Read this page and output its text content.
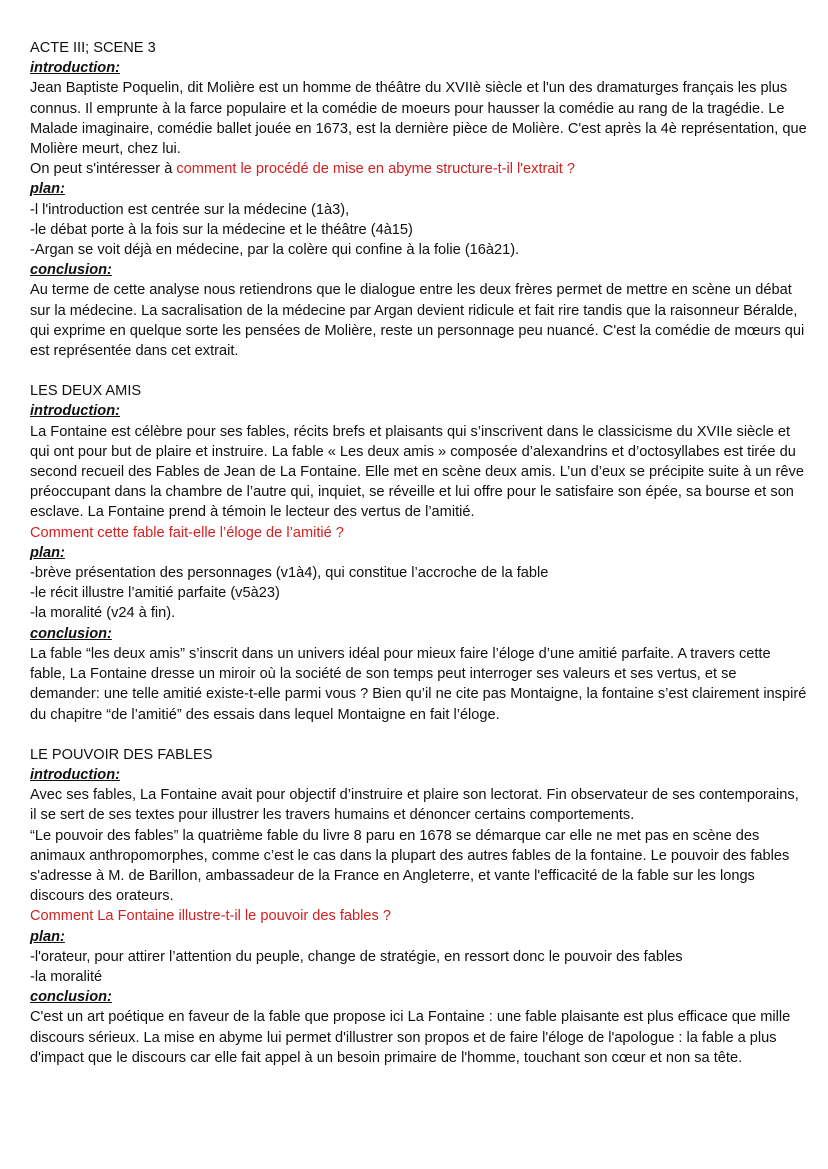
ACTE III; SCENE 3
introduction:

Jean Baptiste Poquelin, dit Molière est un homme de théâtre du XVIIè siècle et l'un des dramaturges français les plus connus. Il emprunte à la farce populaire et la comédie de moeurs pour hausser la comédie au rang de la tragédie. Le Malade imaginaire, comédie ballet jouée en 1673, est la dernière pièce de Molière. C'est après la 4è représentation, que Molière meurt, chez lui.

On peut s'intéresser à comment le procédé de mise en abyme structure-t-il l'extrait ?

plan:
-l l'introduction est centrée sur la médecine (1à3),
-le débat porte à la fois sur la médecine et le théâtre (4à15)
-Argan se voit déjà en médecine, par la colère qui confine à la folie (16à21).
conclusion:

Au terme de cette analyse nous retiendrons que le dialogue entre les deux frères permet de mettre en scène un débat sur la médecine. La sacralisation de la médecine par Argan devient ridicule et fait rire tandis que la raisonneur Béralde, qui exprime en quelque sorte les pensées de Molière, reste un personnage peu nuancé. C'est la comédie de mœurs qui est représentée dans cet extrait.

LES DEUX AMIS
introduction:

La Fontaine est célèbre pour ses fables, récits brefs et plaisants qui s’inscrivent dans le classicisme du XVIIe siècle et qui ont pour but de plaire et instruire. La fable « Les deux amis » composée d’alexandrins et d’octosyllabes est tirée du second recueil des Fables de Jean de La Fontaine. Elle met en scène deux amis. L’un d’eux se précipite suite à un rêve préoccupant dans la chambre de l’autre qui, inquiet, se réveille et lui offre pour le satisfaire son épée, sa bourse et son esclave. La Fontaine prend à témoin le lecteur des vertus de l’amitié.

Comment cette fable fait-elle l’éloge de l’amitié ?

plan:
-brève présentation des personnages (v1à4), qui constitue l’accroche de la fable
-le récit illustre l’amitié parfaite (v5à23)
-la moralité (v24 à fin).
conclusion:

La fable “les deux amis” s’inscrit dans un univers idéal pour mieux faire l’éloge d’une amitié parfaite. A travers cette fable, La Fontaine dresse un miroir où la société de son temps peut interroger ses valeurs et ses vertus, et se demander: une telle amitié existe-t-elle parmi vous ? Bien qu’il ne cite pas Montaigne, la fontaine s’est clairement inspiré du chapitre “de l’amitié” des essais dans lequel Montaigne en fait l’éloge.

LE POUVOIR DES FABLES
introduction:

Avec ses fables, La Fontaine avait pour objectif d’instruire et plaire son lectorat. Fin observateur de ses contemporains, il se sert de ses textes pour illustrer les travers humains et dénoncer certains comportements.

“Le pouvoir des fables” la quatrième fable du livre 8 paru en 1678 se démarque car elle ne met pas en scène des animaux anthropomorphes, comme c’est le cas dans la plupart des autres fables de la fontaine. Le pouvoir des fables s'adresse à M. de Barillon, ambassadeur de la France en Angleterre, et vante l'efficacité de la fable sur les longs discours des orateurs.

Comment La Fontaine illustre-t-il le pouvoir des fables ?

plan:
-l'orateur, pour attirer l’attention du peuple, change de stratégie, en ressort donc le pouvoir des fables
-la moralité
conclusion:

C'est un art poétique en faveur de la fable que propose ici La Fontaine : une fable plaisante est plus efficace que mille discours sérieux. La mise en abyme lui permet d'illustrer son propos et de faire l'éloge de l'apologue : la fable a plus d'impact que le discours car elle fait appel à un besoin primaire de l'homme, touchant son cœur et non sa tête.
